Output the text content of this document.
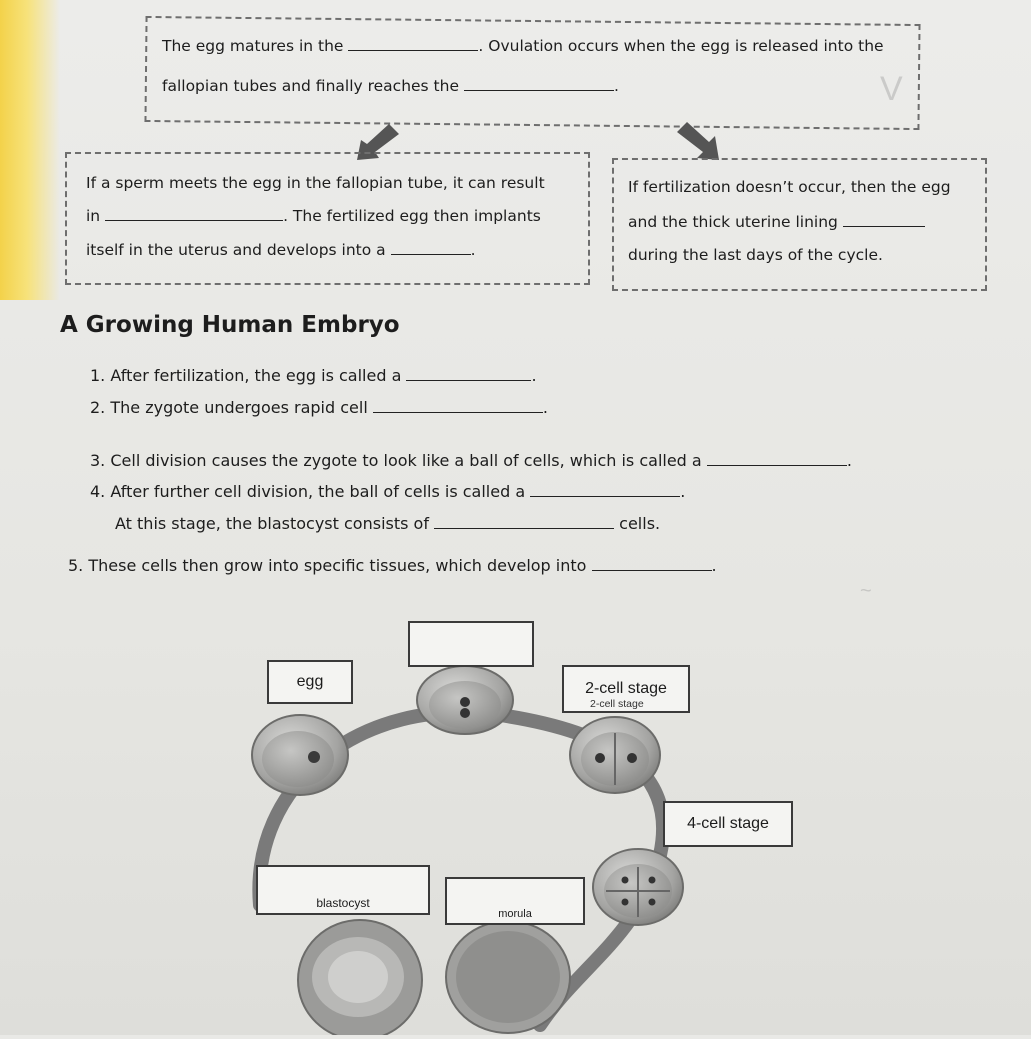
V
~
The egg matures in the	. Ovulation occurs when the egg is released into the
fallopian tubes and finally reaches the	.
If a sperm meets the egg in the fallopian tube, it can result
in	. The fertilized egg then implants
itself in the uterus and develops into a	.
If fertilization doesn’t occur, then the egg
and the thick uterine lining
during the last days of the cycle.
A Growing Human Embryo
1. After fertilization, the egg is called a	.
2. The zygote undergoes rapid cell	.
3. Cell division causes the zygote to look like a ball of cells, which is called a	.
4. After further cell division, the ball of cells is called a	.
At this stage, the blastocyst consists of	cells.
5. These cells then grow into specific tissues, which develop into	.
egg	2-cell stage
2-cell stage
4-cell stage
blastocyst
morula
